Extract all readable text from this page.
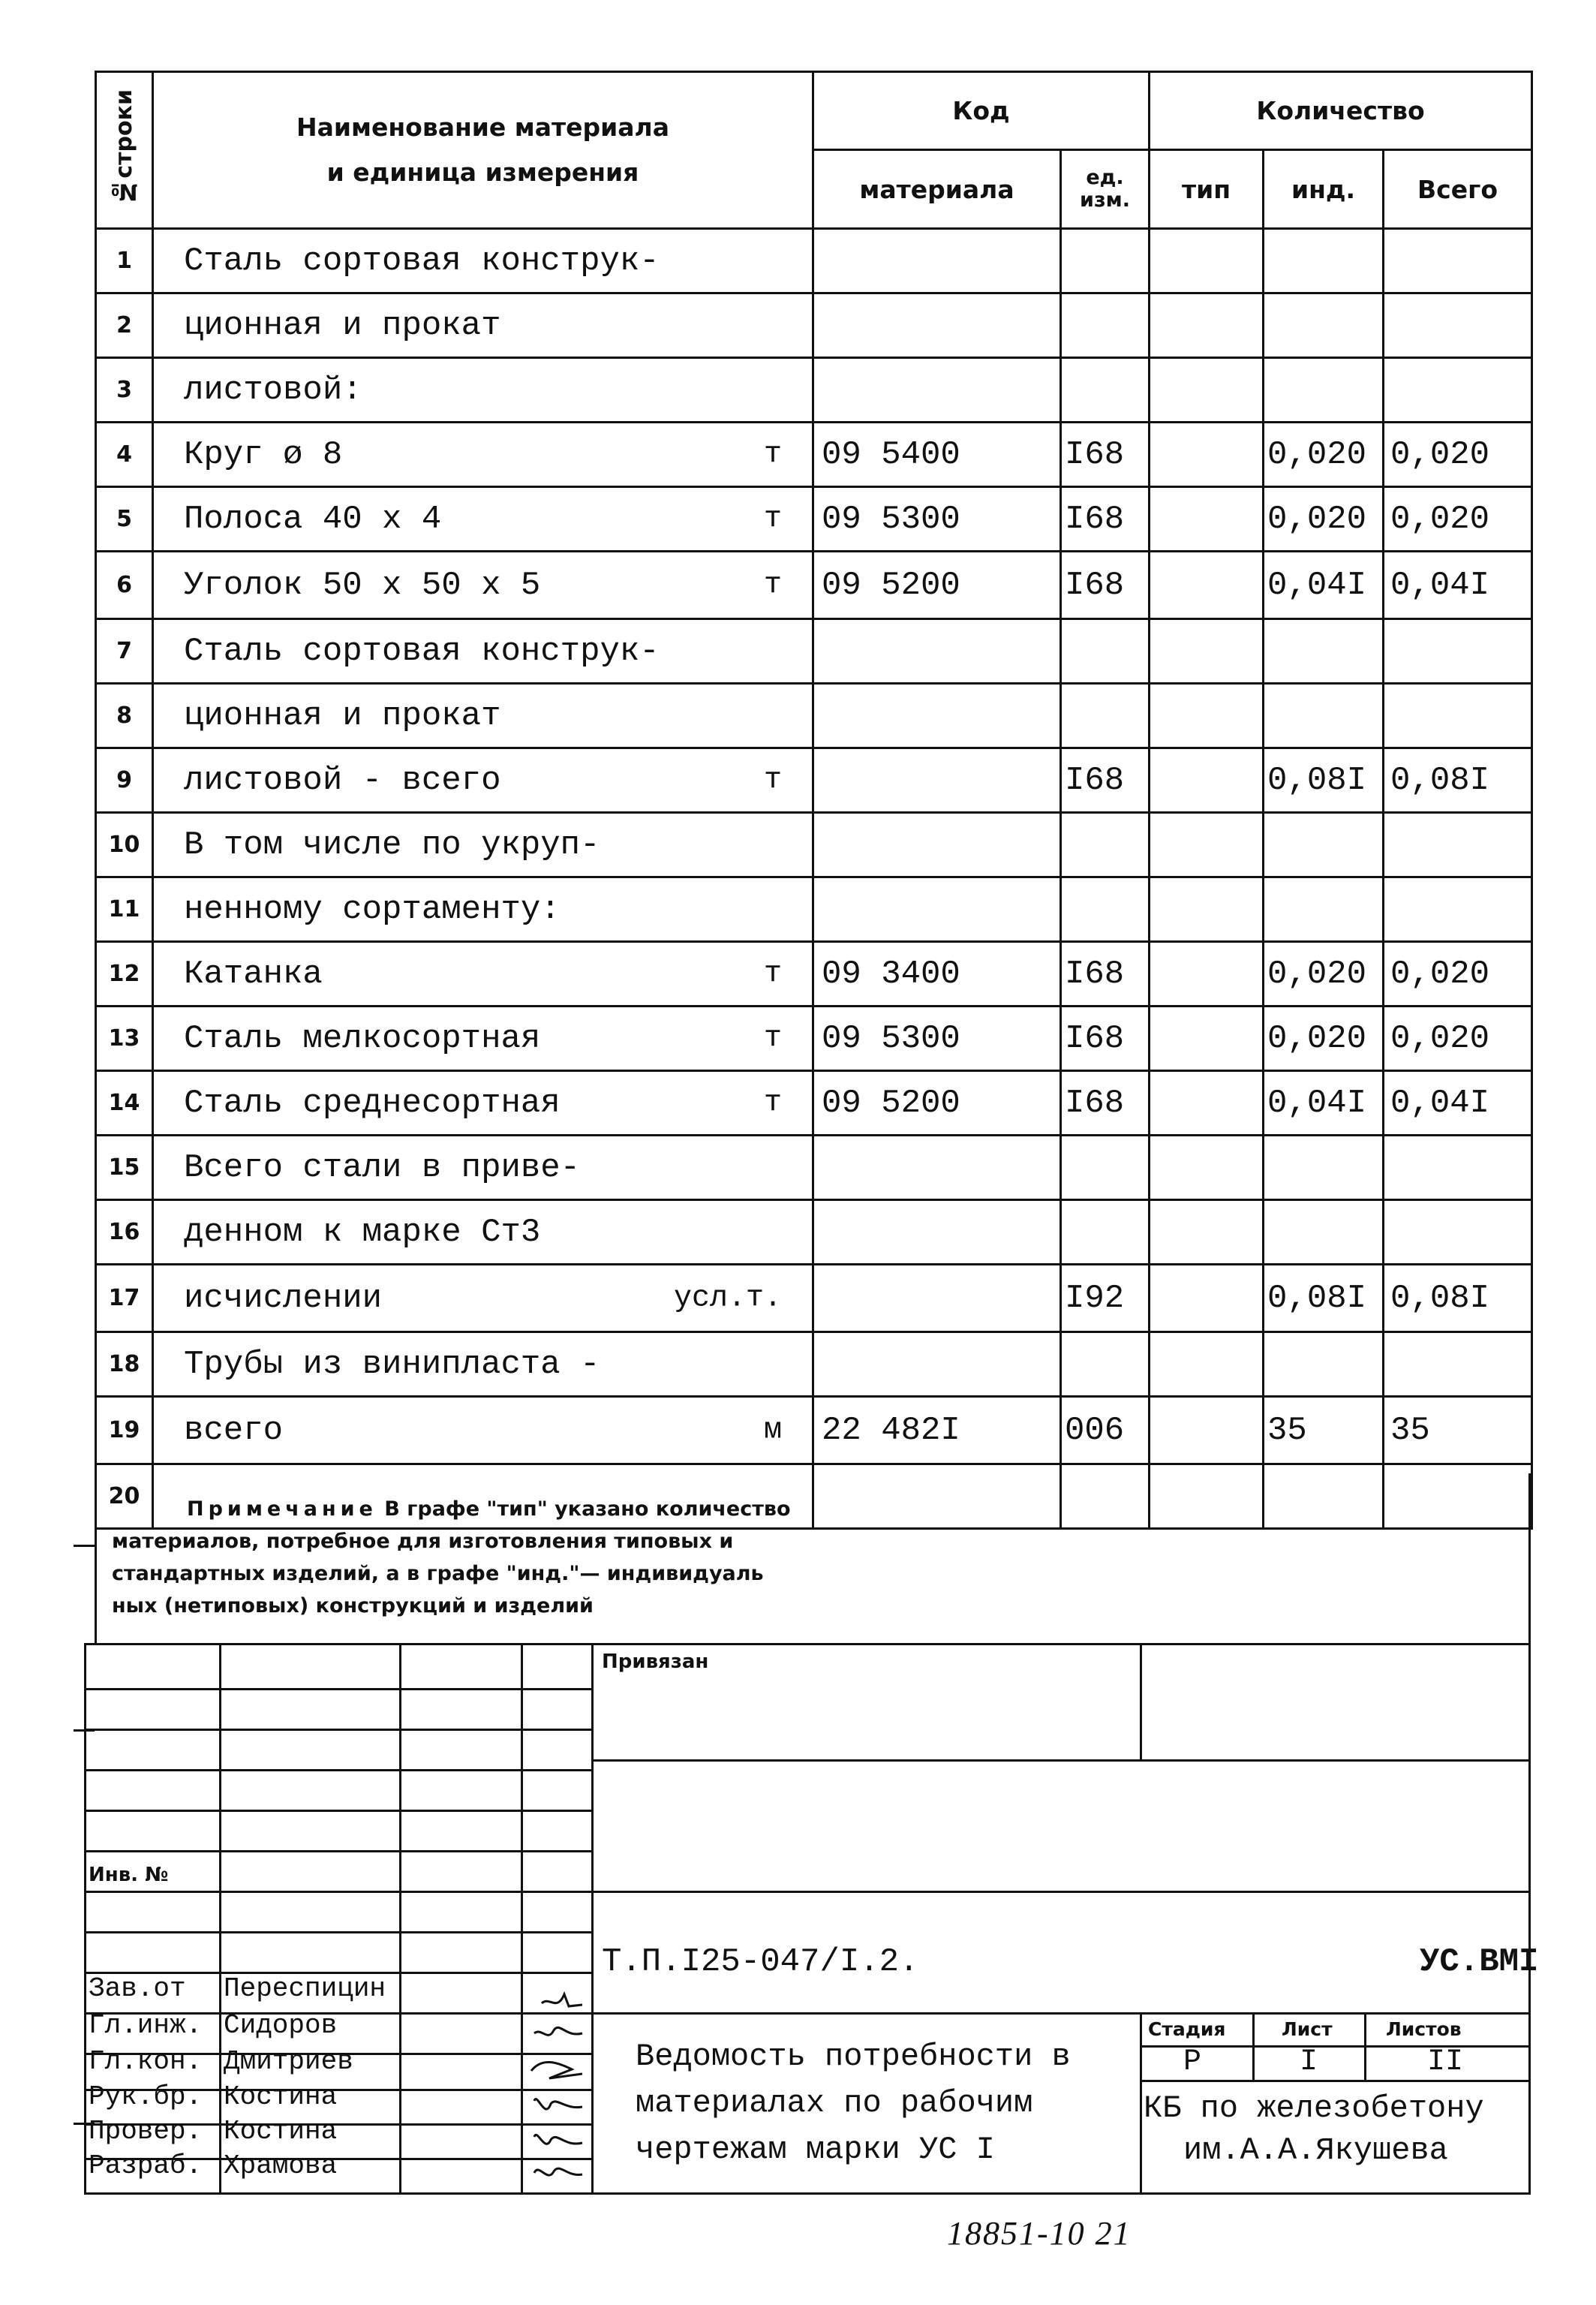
№строки	Наименование материала
и единица измерения	Код		Количество		
		материала	ед. изм.	тип	инд.	Всего
1	Сталь сортовая конструк-

2	ционная и прокат

3	листовой:

4	Круг ø 8 т	09 5400	I68		0,020	0,020
5	Полоса 40 х 4 т	09 5300	I68		0,020	0,020
6	Уголок 50 х 50 х 5 т	09 5200	I68		0,04I	0,04I
7	Сталь сортовая конструк-

8	ционная и прокат

9	листовой - всего т		I68		0,08I	0,08I
10	В том числе по укруп-

11	ненному сортаменту:

12	Катанка т	09 3400	I68		0,020	0,020
13	Сталь мелкосортная т	09 5300	I68		0,020	0,020
14	Сталь среднесортная т	09 5200	I68		0,04I	0,04I
15	Всего стали в приве-

16	денном к марке Ст3

17	исчислении усл.т.		I92		0,08I	0,08I
18	Трубы из винипласта -

19	всего м	22 482I	006		35	35
20	
						Примечание В графе "тип" указано количество
материалов, потребное для изготовления типовых и
стандартных изделий, а в графе "инд."— индивидуаль
ных (нетиповых) конструкций и изделий
Привязан
Инв. №
Т.П.I25-047/I.2.	УС.ВМI
Ведомость потребности в
материалах по рабочим
чертежам марки УС I
Стадия	Лист	Листов
Р	I	II
КБ по железобетону
им.А.А.Якушева
Зав.от Переспицин
Гл.инж. Сидоров
Гл.кон. Дмитриев
Рук.бр. Костина
Провер. Костина
Разраб. Храмова
18851-10 21
